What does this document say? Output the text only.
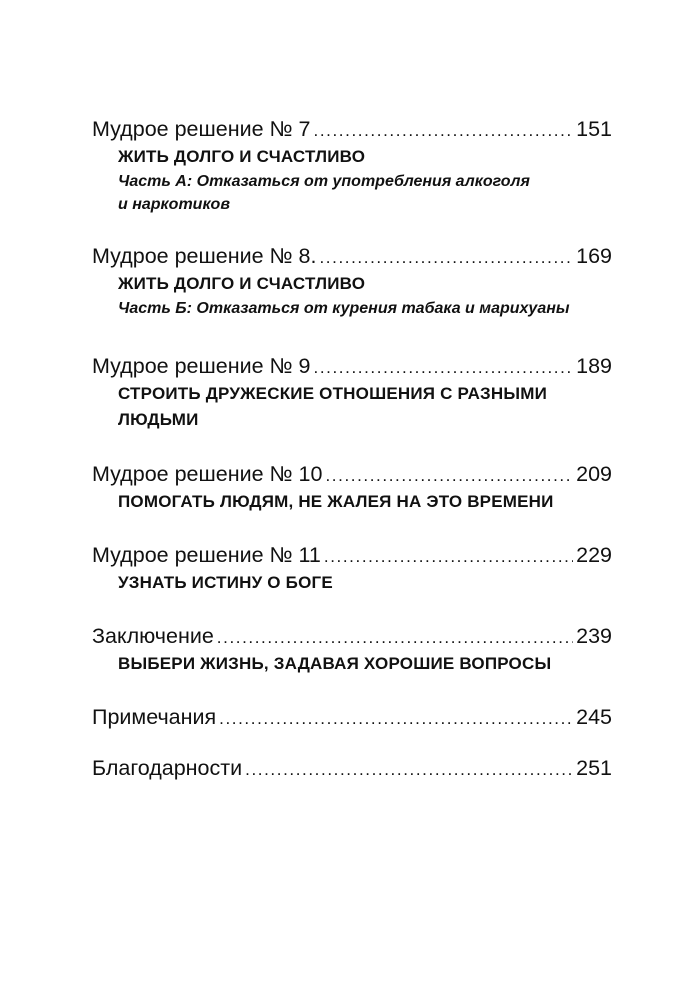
Мудрое решение № 7 .....	151
ЖИТЬ ДОЛГО И СЧАСТЛИВО
Часть А: Отказаться от употребления алкоголя
и наркотиков
Мудрое решение № 8. .....	169
ЖИТЬ ДОЛГО И СЧАСТЛИВО
Часть Б: Отказаться от курения табака и марихуаны
Мудрое решение № 9 .....	189
СТРОИТЬ ДРУЖЕСКИЕ ОТНОШЕНИЯ С РАЗНЫМИ
ЛЮДЬМИ
Мудрое решение № 10 .....	209
ПОМОГАТЬ ЛЮДЯМ, НЕ ЖАЛЕЯ НА ЭТО ВРЕМЕНИ
Мудрое решение № 11 .....	229
УЗНАТЬ ИСТИНУ О БОГЕ
Заключение .....	239
ВЫБЕРИ ЖИЗНЬ, ЗАДАВАЯ ХОРОШИЕ ВОПРОСЫ
Примечания .....	245
Благодарности .....	251
